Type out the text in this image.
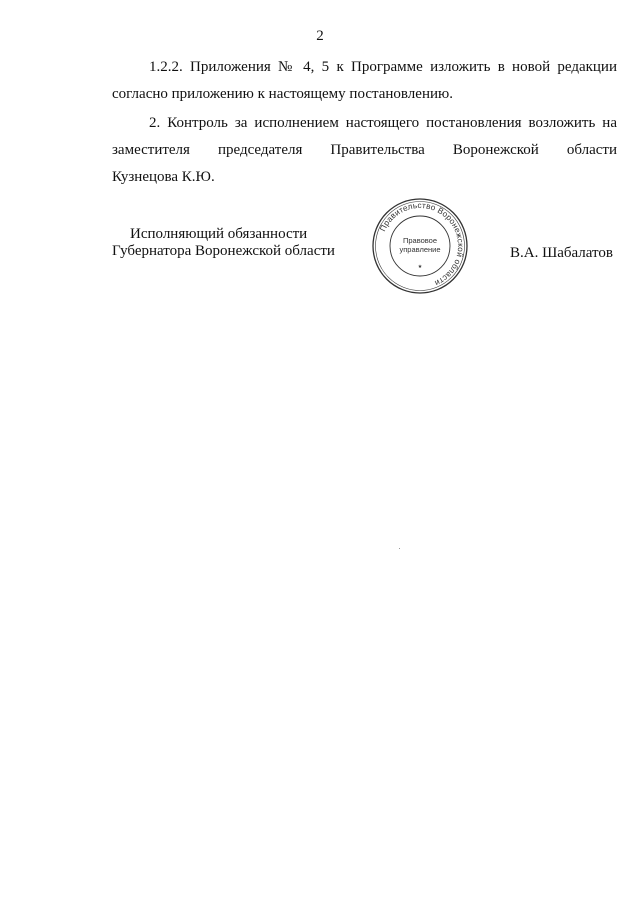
2

1.2.2. Приложения № 4, 5 к Программе изложить в новой редакции
согласно приложению к настоящему постановлению.

2. Контроль за исполнением настоящего постановления возложить на
заместителя председателя Правительства Воронежской области
Кузнецова К.Ю.

Исполняющий обязанности
Губернатора Воронежской области	В.А. Шабалатов
Правительство Воронежской области
Правовое
управление
★
